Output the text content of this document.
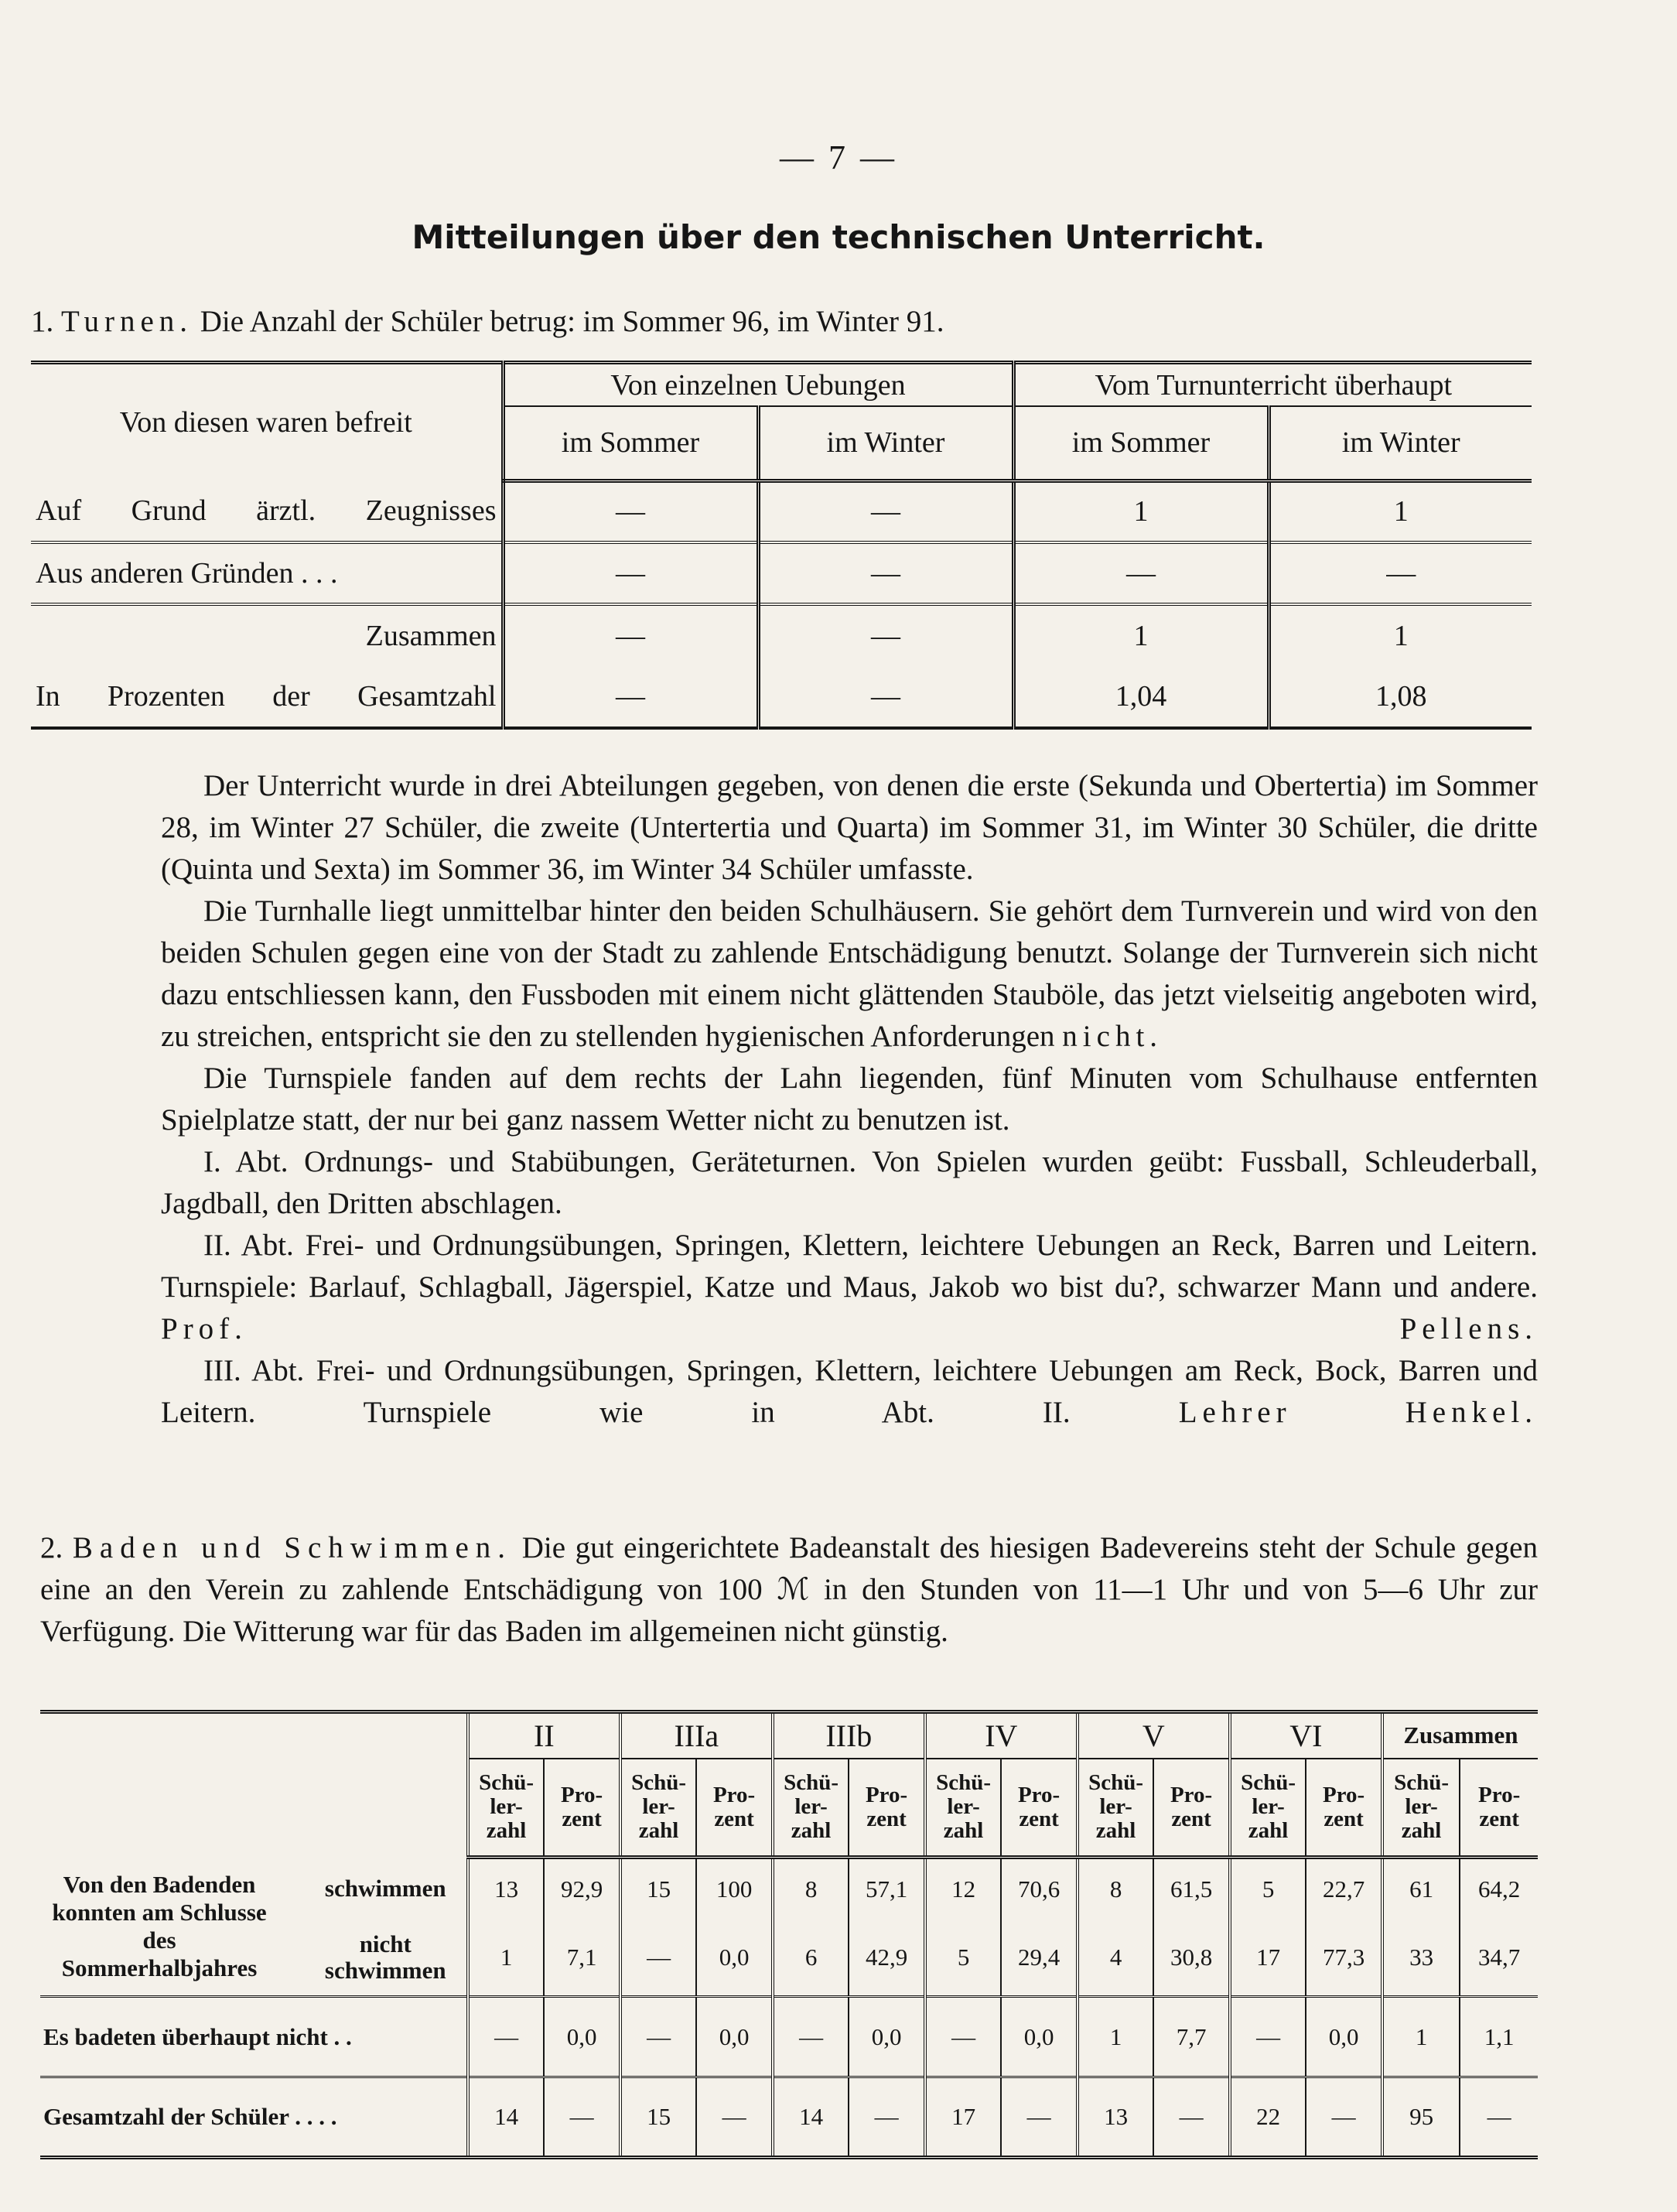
— 7 —
Mitteilungen über den technischen Unterricht.
1. Turnen. Die Anzahl der Schüler betrug: im Sommer 96, im Winter 91.
Von diesen waren befreit	Von einzelnen Uebungen		Vom Turnunterricht überhaupt	
	im Sommer	im Winter	im Sommer	im Winter
Auf Grund ärztl. Zeugnisses	—	—	1	1
Aus anderen Gründen . . .	—	—	—	—
Zusammen	—	—	1	1
In Prozenten der Gesamtzahl	—	—	1,04	1,08

Der Unterricht wurde in drei Abteilungen gegeben, von denen die erste (Sekunda und Obertertia) im Sommer 28, im Winter 27 Schüler, die zweite (Untertertia und Quarta) im Sommer 31, im Winter 30 Schüler, die dritte (Quinta und Sexta) im Sommer 36, im Winter 34 Schüler umfasste.

Die Turnhalle liegt unmittelbar hinter den beiden Schulhäusern. Sie gehört dem Turnverein und wird von den beiden Schulen gegen eine von der Stadt zu zahlende Entschädigung benutzt. Solange der Turnverein sich nicht dazu entschliessen kann, den Fussboden mit einem nicht glättenden Stauböle, das jetzt vielseitig angeboten wird, zu streichen, entspricht sie den zu stellenden hygienischen Anforderungen nicht.

Die Turnspiele fanden auf dem rechts der Lahn liegenden, fünf Minuten vom Schulhause entfernten Spielplatze statt, der nur bei ganz nassem Wetter nicht zu benutzen ist.

I. Abt. Ordnungs- und Stabübungen, Geräteturnen. Von Spielen wurden geübt: Fussball, Schleuderball, Jagdball, den Dritten abschlagen.

II. Abt. Frei- und Ordnungsübungen, Springen, Klettern, leichtere Uebungen an Reck, Barren und Leitern. Turnspiele: Barlauf, Schlagball, Jägerspiel, Katze und Maus, Jakob wo bist du?, schwarzer Mann und andere. Prof. Pellens.

III. Abt. Frei- und Ordnungsübungen, Springen, Klettern, leichtere Uebungen am Reck, Bock, Barren und Leitern. Turnspiele wie in Abt. II.	Lehrer Henkel.

2. Baden und Schwimmen. Die gut eingerichtete Badeanstalt des hiesigen Badevereins steht der Schule gegen eine an den Verein zu zahlende Entschädigung von 100 ℳ in den Stunden von 11—1 Uhr und von 5—6 Uhr zur Verfügung. Die Witterung war für das Baden im allgemeinen nicht günstig.

		II		IIIa		IIIb		IV		V		VI		Zusammen	
		Schü-ler-zahl	Pro-zent	Schü-ler-zahl	Pro-zent	Schü-ler-zahl	Pro-zent	Schü-ler-zahl	Pro-zent	Schü-ler-zahl	Pro-zent	Schü-ler-zahl	Pro-zent	Schü-ler-zahl	Pro-zent
Von den Badenden konnten am Schlusse des Sommerhalbjahres	schwimmen	13	92,9	15	100	8	57,1	12	70,6	8	61,5	5	22,7	61	64,2
	nicht schwimmen	1	7,1	—	0,0	6	42,9	5	29,4	4	30,8	17	77,3	33	34,7
Es badeten überhaupt nicht . .		—	0,0	—	0,0	—	0,0	—	0,0	1	7,7	—	0,0	1	1,1
Gesamtzahl der Schüler . . . .		14	—	15	—	14	—	17	—	13	—	22	—	95	—
